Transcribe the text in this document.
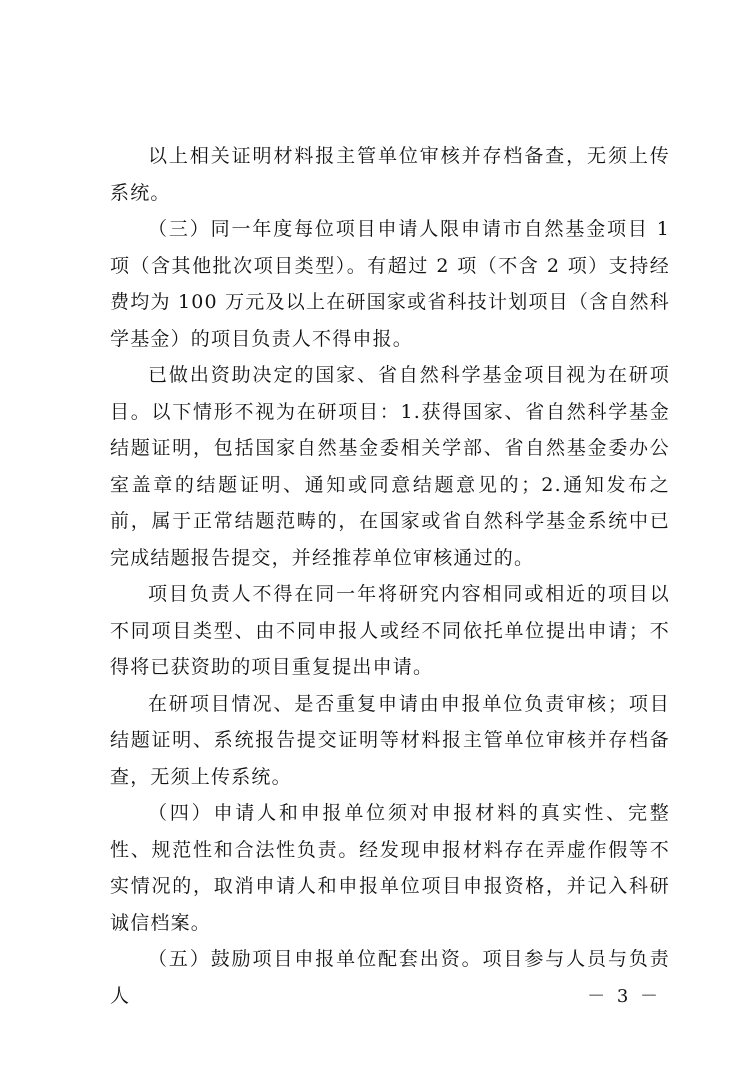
以上相关证明材料报主管单位审核并存档备查，无须上传系统。

（三）同一年度每位项目申请人限申请市自然基金项目 1 项（含其他批次项目类型）。有超过 2 项（不含 2 项）支持经费均为 100 万元及以上在研国家或省科技计划项目（含自然科学基金）的项目负责人不得申报。

已做出资助决定的国家、省自然科学基金项目视为在研项目。以下情形不视为在研项目：1.获得国家、省自然科学基金结题证明，包括国家自然基金委相关学部、省自然基金委办公室盖章的结题证明、通知或同意结题意见的；2.通知发布之前，属于正常结题范畴的，在国家或省自然科学基金系统中已完成结题报告提交，并经推荐单位审核通过的。

项目负责人不得在同一年将研究内容相同或相近的项目以不同项目类型、由不同申报人或经不同依托单位提出申请；不得将已获资助的项目重复提出申请。

在研项目情况、是否重复申请由申报单位负责审核；项目结题证明、系统报告提交证明等材料报主管单位审核并存档备查，无须上传系统。

（四）申请人和申报单位须对申报材料的真实性、完整性、规范性和合法性负责。经发现申报材料存在弄虚作假等不实情况的，取消申请人和申报单位项目申报资格，并记入科研诚信档案。

（五）鼓励项目申报单位配套出资。项目参与人员与负责人	－ 3 －
